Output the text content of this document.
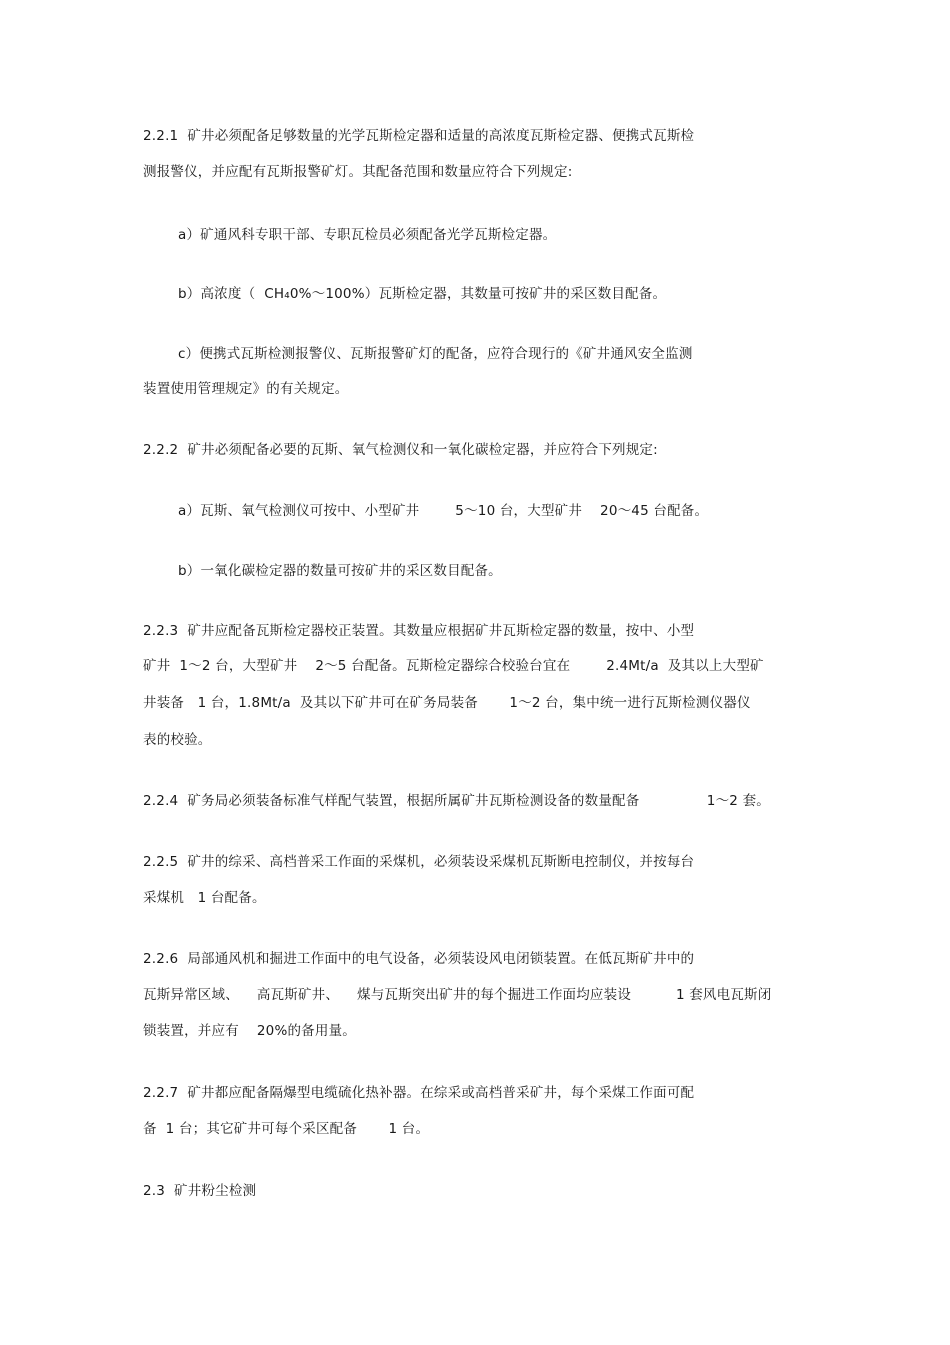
2.2.1  矿井必须配备足够数量的光学瓦斯检定器和适量的高浓度瓦斯检定器、便携式瓦斯检
测报警仪，并应配有瓦斯报警矿灯。其配备范围和数量应符合下列规定:
a）矿通风科专职干部、专职瓦检员必须配备光学瓦斯检定器。
b）高浓度（  CH₄0%～100%）瓦斯检定器，其数量可按矿井的采区数目配备。
c）便携式瓦斯检测报警仪、瓦斯报警矿灯的配备，应符合现行的《矿井通风安全监测
装置使用管理规定》的有关规定。
2.2.2  矿井必须配备必要的瓦斯、氧气检测仪和一氧化碳检定器，并应符合下列规定:
a）瓦斯、氧气检测仪可按中、小型矿井        5～10 台，大型矿井    20～45 台配备。
b）一氧化碳检定器的数量可按矿井的采区数目配备。
2.2.3  矿井应配备瓦斯检定器校正装置。其数量应根据矿井瓦斯检定器的数量，按中、小型
矿井  1～2 台，大型矿井    2～5 台配备。瓦斯检定器综合校验台宜在        2.4Mt/a  及其以上大型矿
井装备   1 台，1.8Mt/a  及其以下矿井可在矿务局装备       1～2 台，集中统一进行瓦斯检测仪器仪
表的校验。
2.2.4  矿务局必须装备标准气样配气装置，根据所属矿井瓦斯检测设备的数量配备               1～2 套。
2.2.5  矿井的综采、高档普采工作面的采煤机，必须装设采煤机瓦斯断电控制仪，并按每台
采煤机   1 台配备。
2.2.6  局部通风机和掘进工作面中的电气设备，必须装设风电闭锁装置。在低瓦斯矿井中的
瓦斯异常区域、    高瓦斯矿井、    煤与瓦斯突出矿井的每个掘进工作面均应装设          1 套风电瓦斯闭
锁装置，并应有    20%的备用量。
2.2.7  矿井都应配备隔爆型电缆硫化热补器。在综采或高档普采矿井，每个采煤工作面可配
备  1 台；其它矿井可每个采区配备       1 台。
2.3  矿井粉尘检测
